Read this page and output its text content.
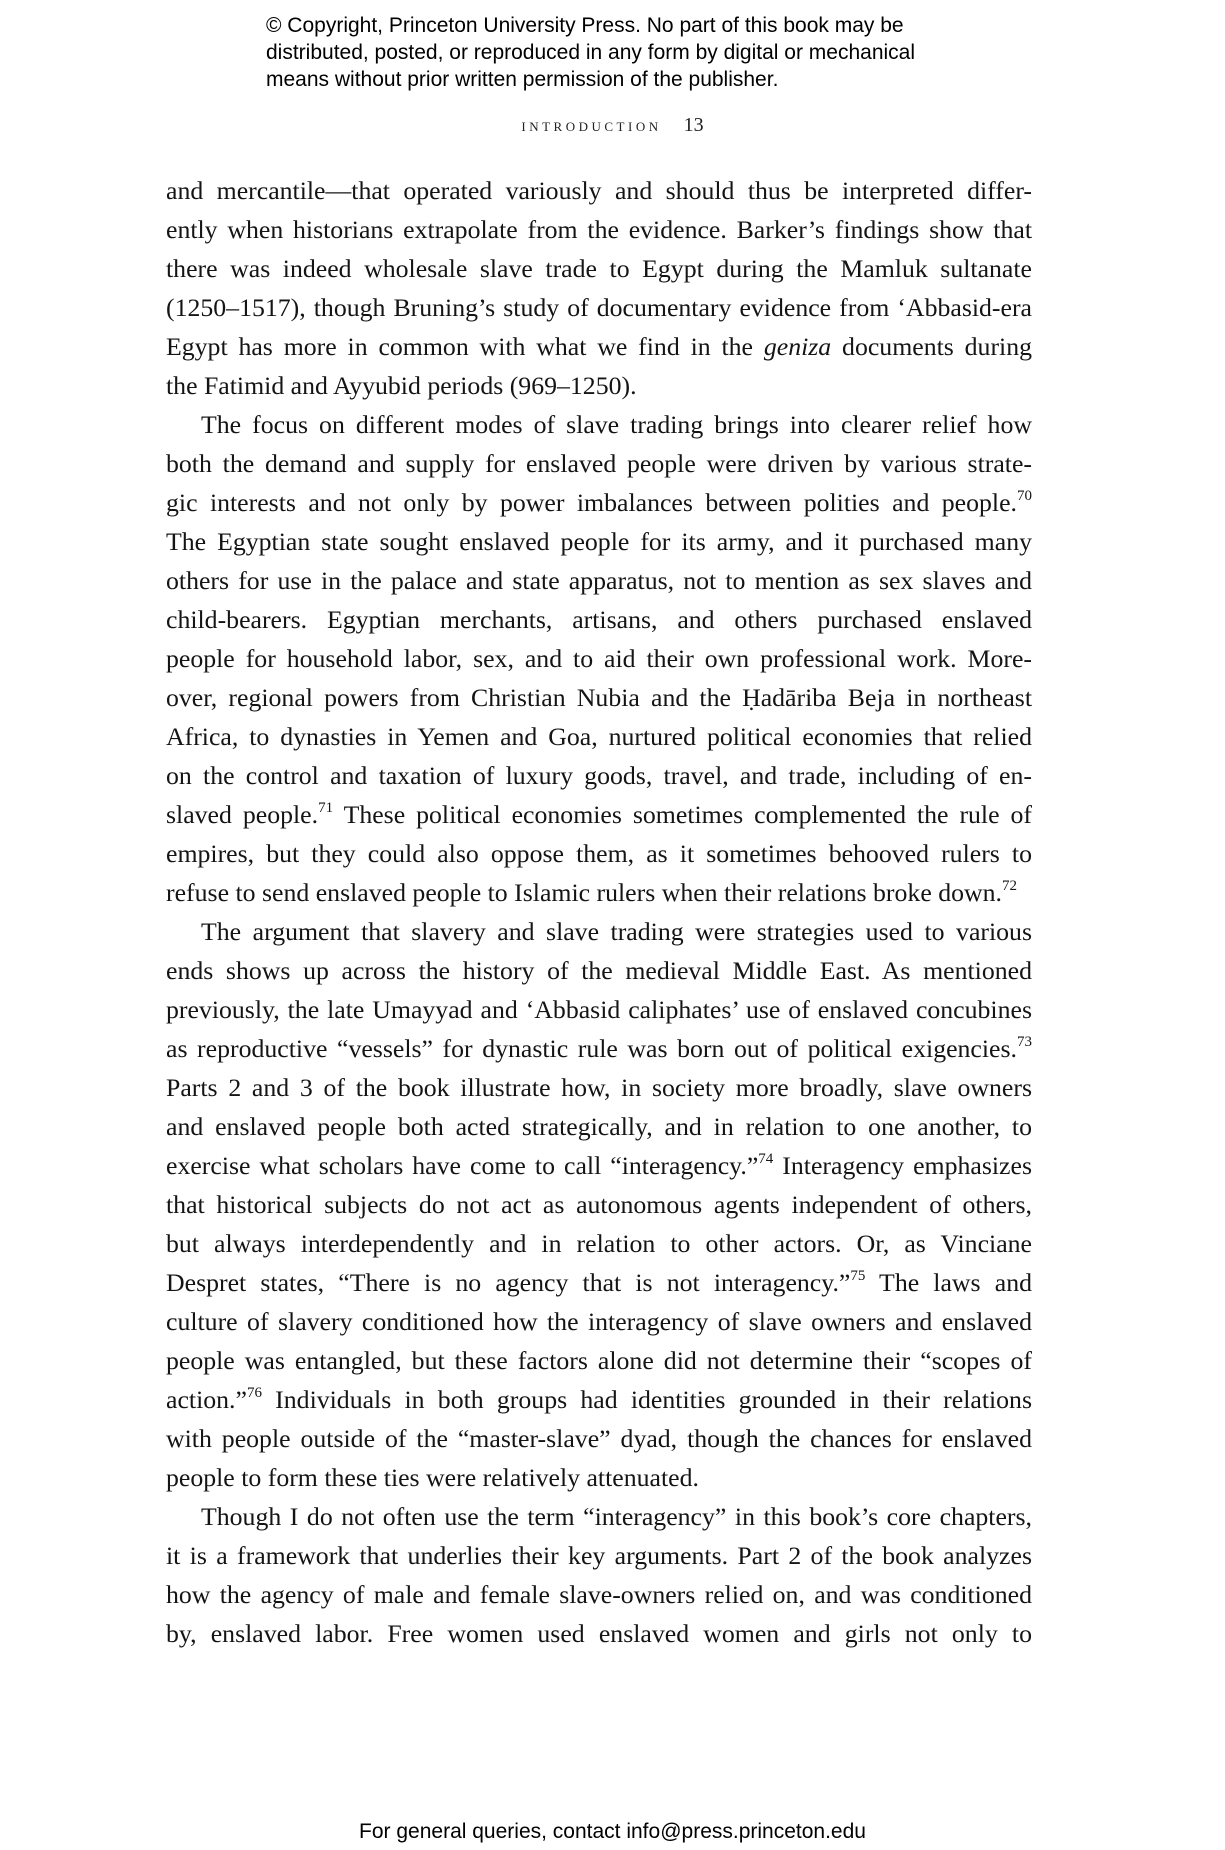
© Copyright, Princeton University Press. No part of this book may be
distributed, posted, or reproduced in any form by digital or mechanical
means without prior written permission of the publisher.
introduction 13
and mercantile—that operated variously and should thus be interpreted differ-
ently when historians extrapolate from the evidence. Barker’s findings show that
there was indeed wholesale slave trade to Egypt during the Mamluk sultanate
(1250–1517), though Bruning’s study of documentary evidence from ‘Abbasid-era
Egypt has more in common with what we find in the geniza documents during
the Fatimid and Ayyubid periods (969–1250).
The focus on different modes of slave trading brings into clearer relief how
both the demand and supply for enslaved people were driven by various strate-
gic interests and not only by power imbalances between polities and people.$^{70}$
The Egyptian state sought enslaved people for its army, and it purchased many
others for use in the palace and state apparatus, not to mention as sex slaves and
child-bearers. Egyptian merchants, artisans, and others purchased enslaved
people for household labor, sex, and to aid their own professional work. More-
over, regional powers from Christian Nubia and the Ḥadāriba Beja in northeast
Africa, to dynasties in Yemen and Goa, nurtured political economies that relied
on the control and taxation of luxury goods, travel, and trade, including of en-
slaved people.$^{71}$ These political economies sometimes complemented the rule of
empires, but they could also oppose them, as it sometimes behooved rulers to
refuse to send enslaved people to Islamic rulers when their relations broke down.$^{72}$
The argument that slavery and slave trading were strategies used to various
ends shows up across the history of the medieval Middle East. As mentioned
previously, the late Umayyad and ‘Abbasid caliphates’ use of enslaved concubines
as reproductive “vessels” for dynastic rule was born out of political exigencies.$^{73}$
Parts 2 and 3 of the book illustrate how, in society more broadly, slave owners
and enslaved people both acted strategically, and in relation to one another, to
exercise what scholars have come to call “interagency.”$^{74}$ Interagency emphasizes
that historical subjects do not act as autonomous agents independent of others,
but always interdependently and in relation to other actors. Or, as Vinciane
Despret states, “There is no agency that is not interagency.”$^{75}$ The laws and
culture of slavery conditioned how the interagency of slave owners and enslaved
people was entangled, but these factors alone did not determine their “scopes of
action.”$^{76}$ Individuals in both groups had identities grounded in their relations
with people outside of the “master-slave” dyad, though the chances for enslaved
people to form these ties were relatively attenuated.
Though I do not often use the term “interagency” in this book’s core chapters,
it is a framework that underlies their key arguments. Part 2 of the book analyzes
how the agency of male and female slave-owners relied on, and was conditioned
by, enslaved labor. Free women used enslaved women and girls not only to
For general queries, contact info@press.princeton.edu
